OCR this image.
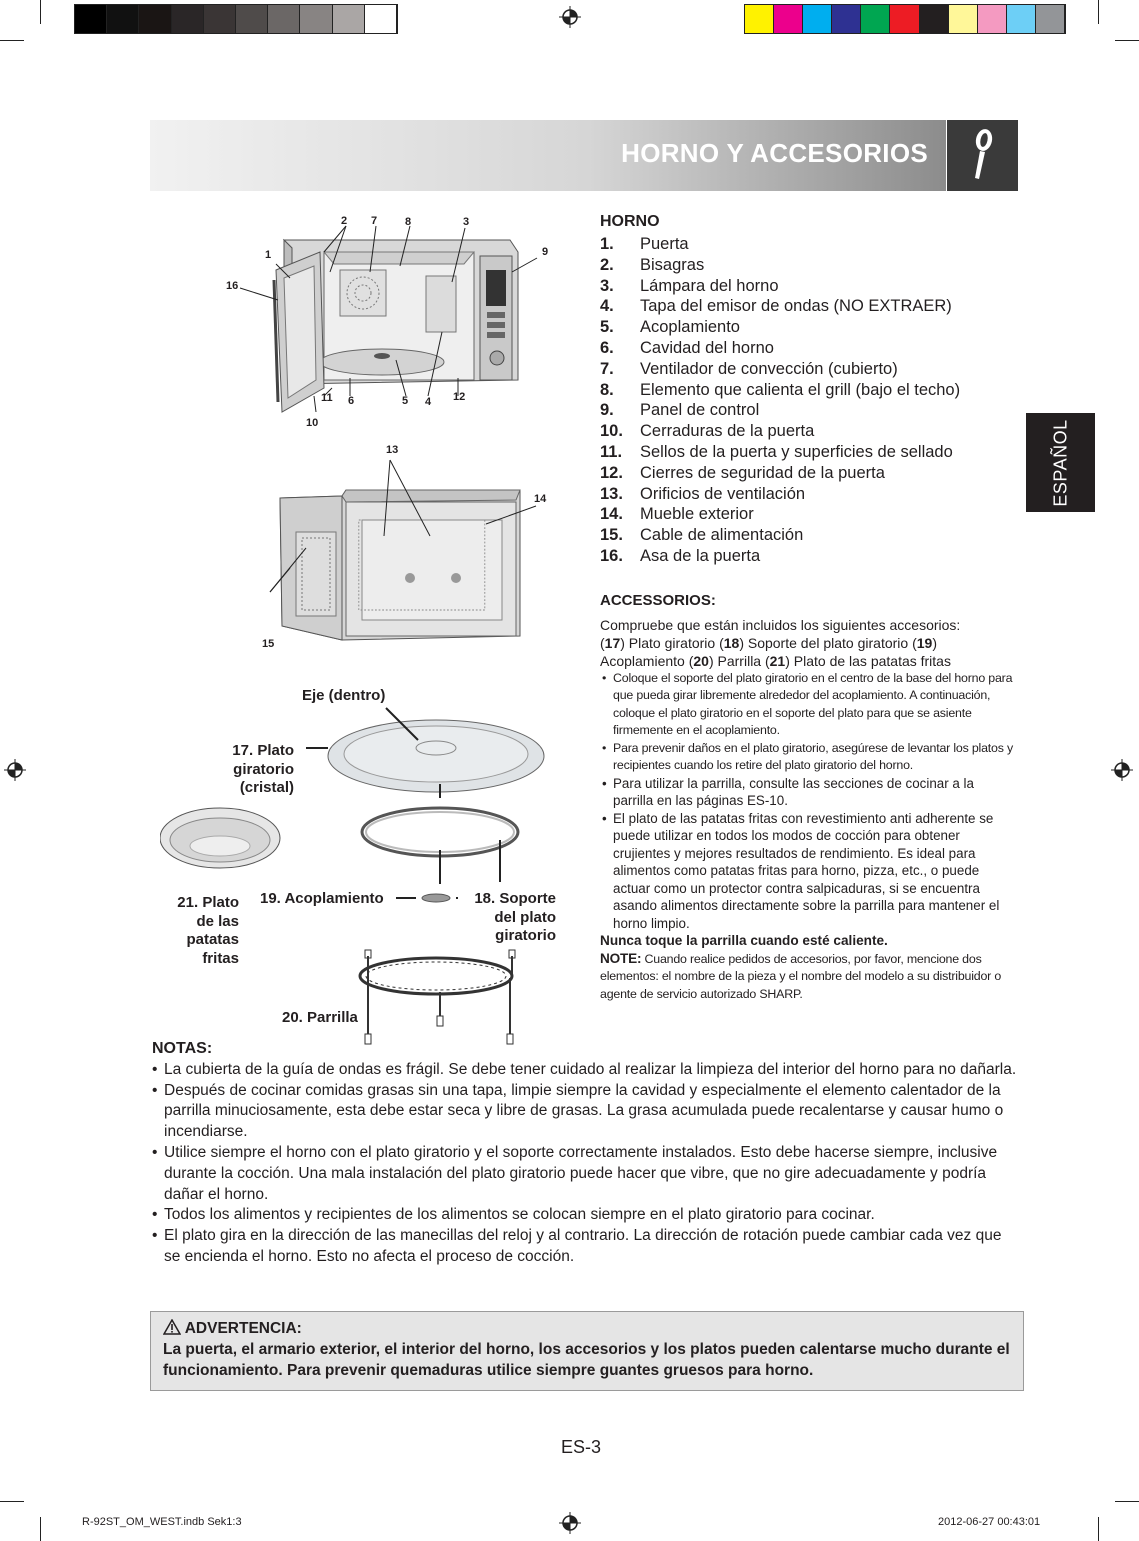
HORNO Y ACCESORIOS
ESPAÑOL
2 7	8	3
9
1
16
11 6	5 4 12
10
13
14
15
Eje (dentro)
17. Plato
giratorio
(cristal)
19. Acoplamiento	18. Soporte
del plato
giratorio
21. Plato
de las
patatas
fritas
20. Parrilla
HORNO
1. Puerta
2. Bisagras
3. Lámpara del horno
4. Tapa del emisor de ondas (NO EXTRAER)
5. Acoplamiento
6. Cavidad del horno
7. Ventilador de convección (cubierto)
8. Elemento que calienta el grill (bajo el techo)
9. Panel de control
10. Cerraduras de la puerta
11. Sellos de la puerta y superficies de sellado
12. Cierres de seguridad de la puerta
13. Orificios de ventilación
14. Mueble exterior
15. Cable de alimentación
16. Asa de la puerta
ACCESSORIOS:

Compruebe que están incluidos los siguientes accesorios:

(17) Plato giratorio (18) Soporte del plato giratorio (19) Acoplamiento (20) Parrilla (21) Plato de las patatas fritas

• Coloque el soporte del plato giratorio en el centro de la base del horno para que pueda girar libremente alrededor del acoplamiento. A continuación, coloque el plato giratorio en el soporte del plato para que se asiente firmemente en el acoplamiento.
• Para prevenir daños en el plato giratorio, asegúrese de levantar los platos y recipientes cuando los retire del plato giratorio del horno.
• Para utilizar la parrilla, consulte las secciones de cocinar a la parrilla en las páginas ES-10.
• El plato de las patatas fritas con revestimiento anti adherente se puede utilizar en todos los modos de cocción para obtener crujientes y mejores resultados de rendimiento. Es ideal para alimentos como patatas fritas para horno, pizza, etc., o puede actuar como un protector contra salpicaduras, si se encuentra asando alimentos directamente sobre la parrilla para mantener el horno limpio.

Nunca toque la parrilla cuando esté caliente.

NOTE: Cuando realice pedidos de accesorios, por favor, mencione dos elementos: el nombre de la pieza y el nombre del modelo a su distribuidor o agente de servicio autorizado SHARP.

NOTAS:
• La cubierta de la guía de ondas es frágil. Se debe tener cuidado al realizar la limpieza del interior del horno para no dañarla.
• Después de cocinar comidas grasas sin una tapa, limpie siempre la cavidad y especialmente el elemento calentador de la parrilla minuciosamente, esta debe estar seca y libre de grasas. La grasa acumulada puede recalentarse y causar humo o incendiarse.
• Utilice siempre el horno con el plato giratorio y el soporte correctamente instalados. Esto debe hacerse siempre, inclusive durante la cocción. Una mala instalación del plato giratorio puede hacer que vibre, que no gire adecuadamente y podría dañar el horno.
• Todos los alimentos y recipientes de los alimentos se colocan siempre en el plato giratorio para cocinar.
• El plato gira en la dirección de las manecillas del reloj y al contrario. La dirección de rotación puede cambiar cada vez que se encienda el horno. Esto no afecta el proceso de cocción.
ADVERTENCIA:
La puerta, el armario exterior, el interior del horno, los accesorios y los platos pueden calentarse mucho durante el funcionamiento. Para prevenir quemaduras utilice siempre guantes gruesos para horno.
ES-3
R-92ST_OM_WEST.indb Sek1:3	2012-06-27 00:43:01
